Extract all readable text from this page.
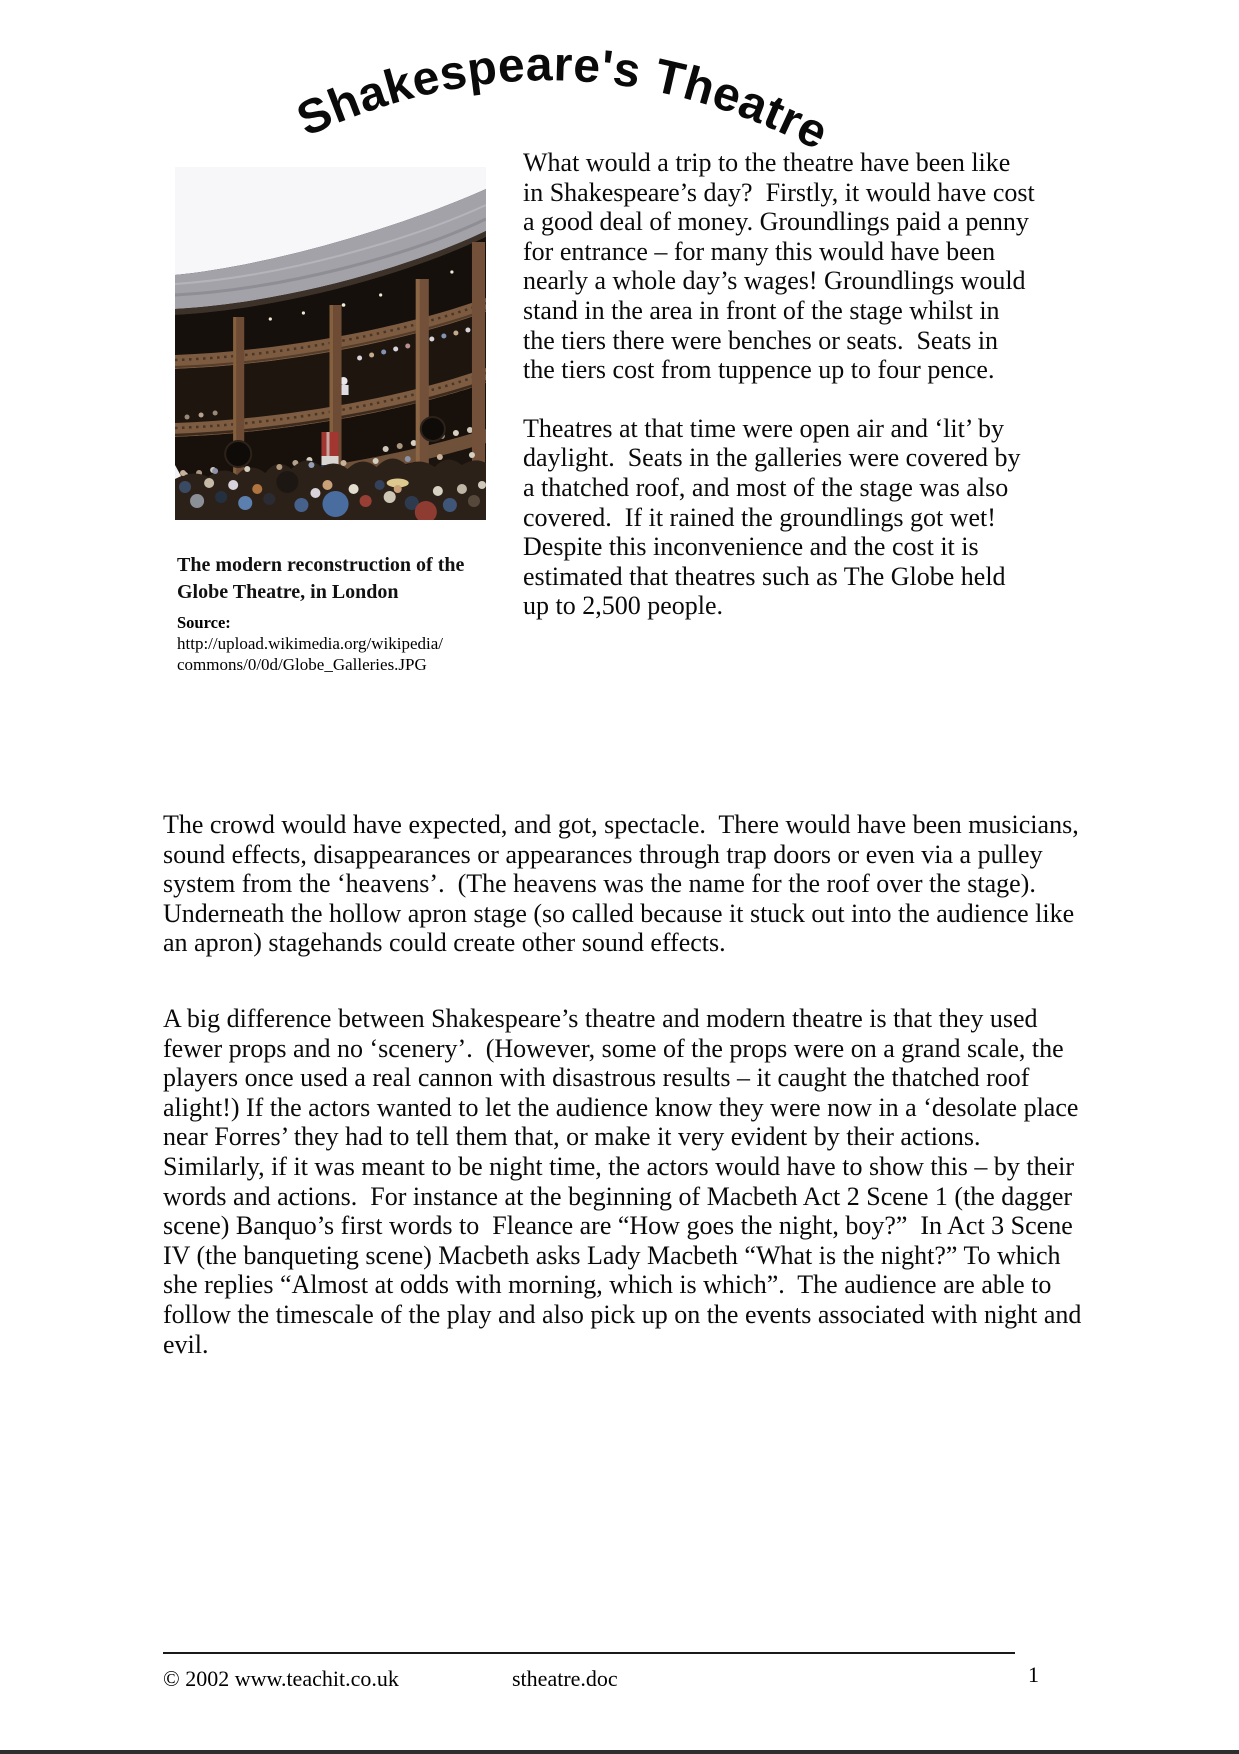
Shakespeare's Theatre
The modern reconstruction of the
Globe Theatre, in London
Source:
http://upload.wikimedia.org/wikipedia/
commons/0/0d/Globe_Galleries.JPG

What would a trip to the theatre have been like in Shakespeare’s day?  Firstly, it would have cost a good deal of money. Groundlings paid a penny for entrance – for many this would have been nearly a whole day’s wages! Groundlings would stand in the area in front of the stage whilst in the tiers there were benches or seats.  Seats in the tiers cost from tuppence up to four pence.

Theatres at that time were open air and ‘lit’ by daylight.  Seats in the galleries were covered by a thatched roof, and most of the stage was also covered.  If it rained the groundlings got wet!  Despite this inconvenience and the cost it is estimated that theatres such as The Globe held up to 2,500 people.

The crowd would have expected, and got, spectacle.  There would have been musicians, sound effects, disappearances or appearances through trap doors or even via a pulley system from the ‘heavens’.  (The heavens was the name for the roof over the stage).  Underneath the hollow apron stage (so called because it stuck out into the audience like an apron) stagehands could create other sound effects.

A big difference between Shakespeare’s theatre and modern theatre is that they used fewer props and no ‘scenery’.  (However, some of the props were on a grand scale, the players once used a real cannon with disastrous results – it caught the thatched roof alight!) If the actors wanted to let the audience know they were now in a ‘desolate place near Forres’ they had to tell them that, or make it very evident by their actions.  Similarly, if it was meant to be night time, the actors would have to show this – by their words and actions.  For instance at the beginning of Macbeth Act 2 Scene 1 (the dagger scene) Banquo’s first words to  Fleance are “How goes the night, boy?”  In Act 3 Scene IV (the banqueting scene) Macbeth asks Lady Macbeth “What is the night?” To which she replies “Almost at odds with morning, which is which”.  The audience are able to follow the timescale of the play and also pick up on the events associated with night and evil.

© 2002 www.teachit.co.uk	stheatre.doc	1
